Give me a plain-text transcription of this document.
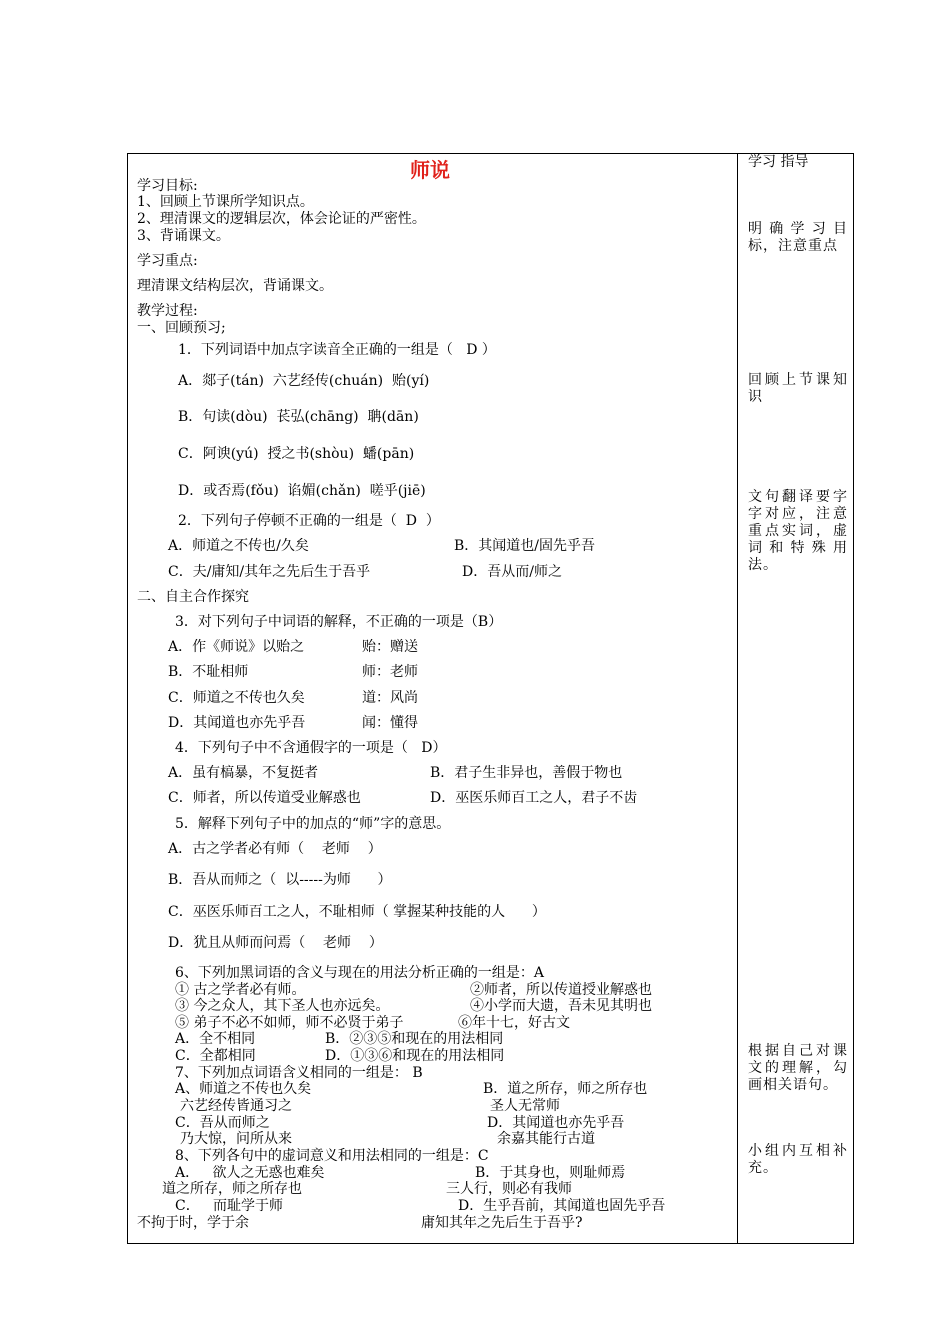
师说
学习目标:
1、回顾上节课所学知识点。
2、理清课文的逻辑层次，体会论证的严密性。
3、背诵课文。
学习重点:
理清课文结构层次，背诵课文。
教学过程:
一、回顾预习;
1．下列词语中加点字读音全正确的一组是（   D ）
A．郯子(tán)  六艺经传(chuán)  贻(yí)
B．句读(dòu)  苌弘(chāng)  聃(dān)
C．阿谀(yú)  授之书(shòu)  蟠(pān)
D．或否焉(fǒu)  谄媚(chǎn)  嗟乎(jiē)
2．下列句子停顿不正确的一组是（  D  ）
A．师道之不传也/久矣	B．其闻道也/固先乎吾
C．夫/庸知/其年之先后生于吾乎	D．吾从而/师之
二、自主合作探究
3．对下列句子中词语的解释，不正确的一项是（B）
A．作《师说》以贻之	贻：赠送
B．不耻相师	师：老师
C．师道之不传也久矣	道：风尚
D．其闻道也亦先乎吾	闻：懂得
4．下列句子中不含通假字的一项是（   D）
A．虽有槁暴，不复挺者	B．君子生非异也，善假于物也
C．师者，所以传道受业解惑也	D．巫医乐师百工之人，君子不齿
5．解释下列句子中的加点的“师”字的意思。
A．古之学者必有师（    老师    ）
B．吾从而师之（  以-----为师      ）
C．巫医乐师百工之人，不耻相师（ 掌握某种技能的人      ）
D．犹且从师而问焉（    老师    ）
6、下列加黑词语的含义与现在的用法分析正确的一组是：A
① 古之学者必有师。	②师者，所以传道授业解惑也
③ 今之众人，其下圣人也亦远矣。	④小学而大遗，吾未见其明也
⑤ 弟子不必不如师，师不必贤于弟子	⑥年十七，好古文
A．全不相同	B．②③⑤和现在的用法相同
C．全都相同	D．①③⑥和现在的用法相同
7、下列加点词语含义相同的一组是： B
A、师道之不传也久矣	B．道之所存，师之所存也
六艺经传皆通习之	圣人无常师
C．吾从而师之	D．其闻道也亦先乎吾
乃大惊，问所从来	余嘉其能行古道
8、下列各句中的虚词意义和用法相同的一组是：C
A．   欲人之无惑也难矣	B．于其身也，则耻师焉
道之所存，师之所存也	三人行，则必有我师
C．   而耻学于师	D．生乎吾前，其闻道也固先乎吾
不拘于时，学于余	庸知其年之先后生于吾乎?
学习 指导
明确学习目标，注意重点
回顾上节课知识
文句翻译要字字对应，注意重点实词，虚词和特殊用法。
根据自己对课文的理解，勾画相关语句。
小组内互相补充。
